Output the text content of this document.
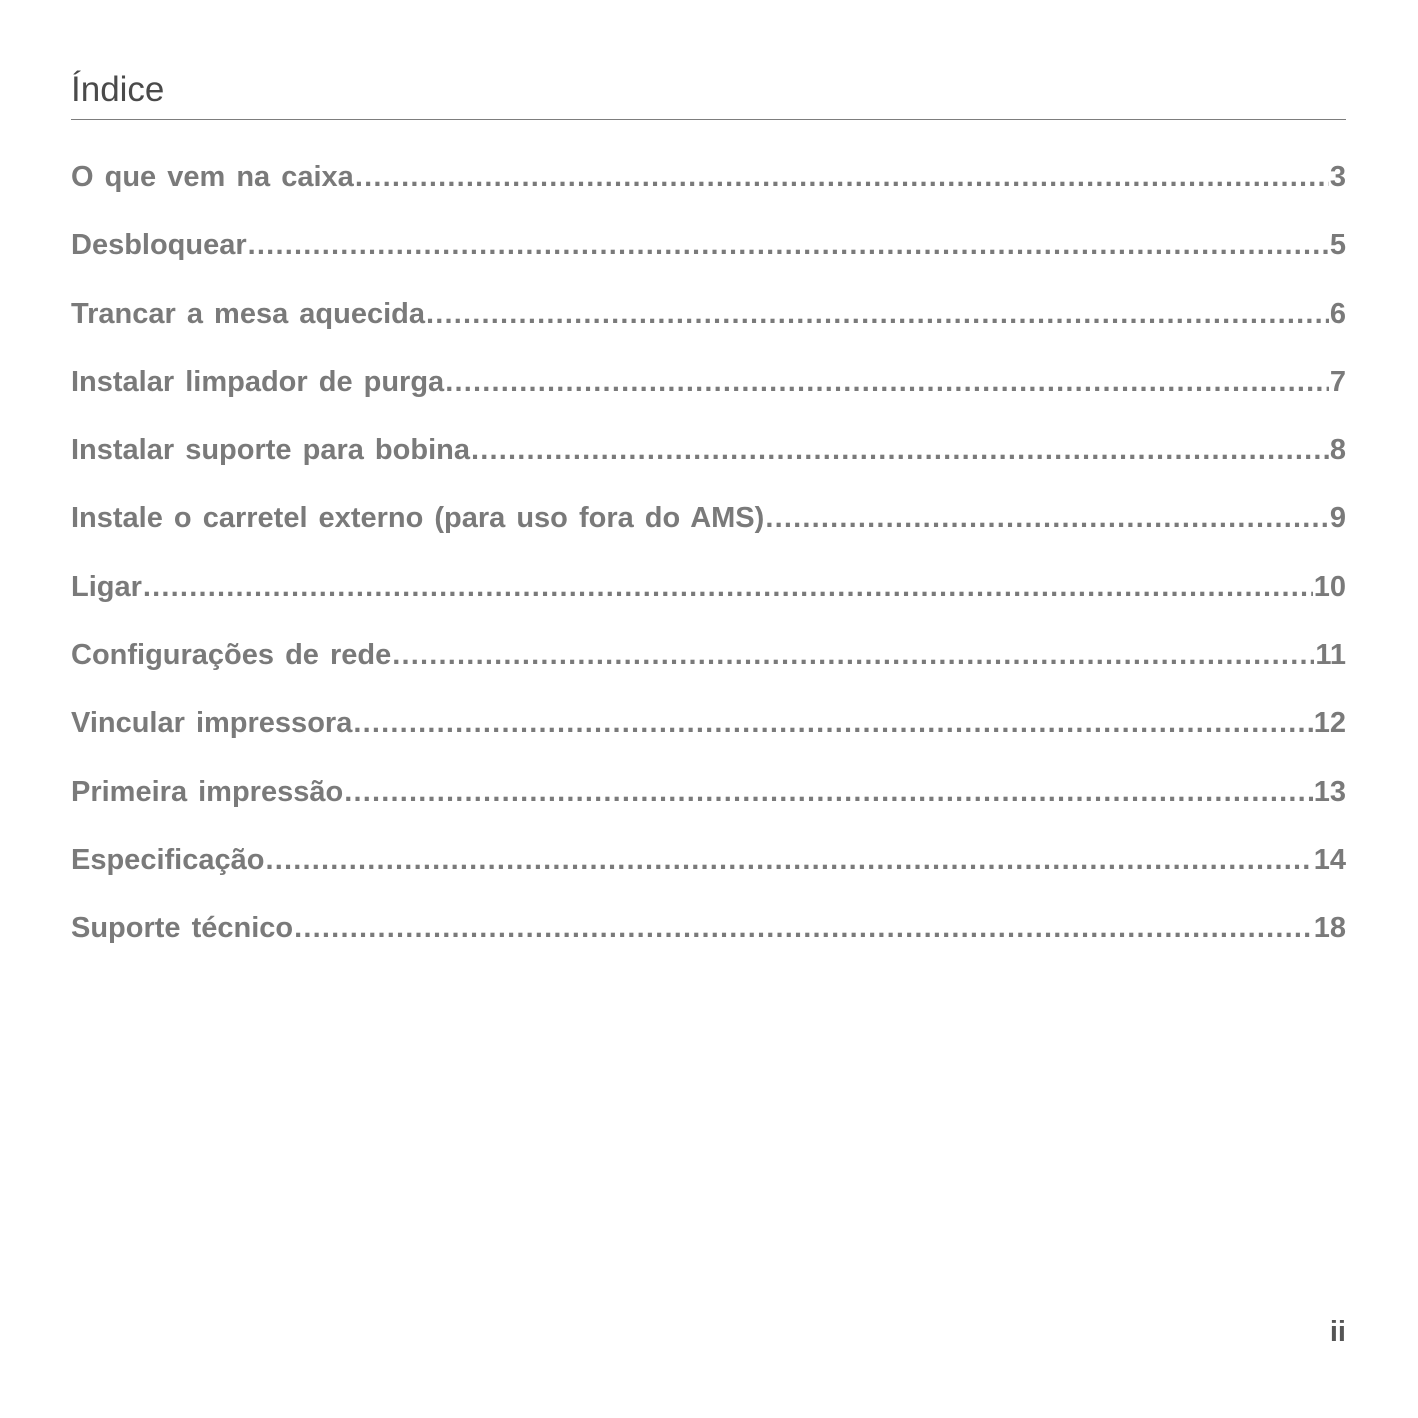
Índice
O que vem na caixa .....	3
Desbloquear .....	5
Trancar a mesa aquecida .....	6
Instalar limpador de purga .....	7
Instalar suporte para bobina .....	8
Instale o carretel externo (para uso fora do AMS) .....	9
Ligar .....	10
Configurações de rede .....	11
Vincular impressora .....	12
Primeira impressão .....	13
Especificação .....	14
Suporte técnico .....	18
ii
